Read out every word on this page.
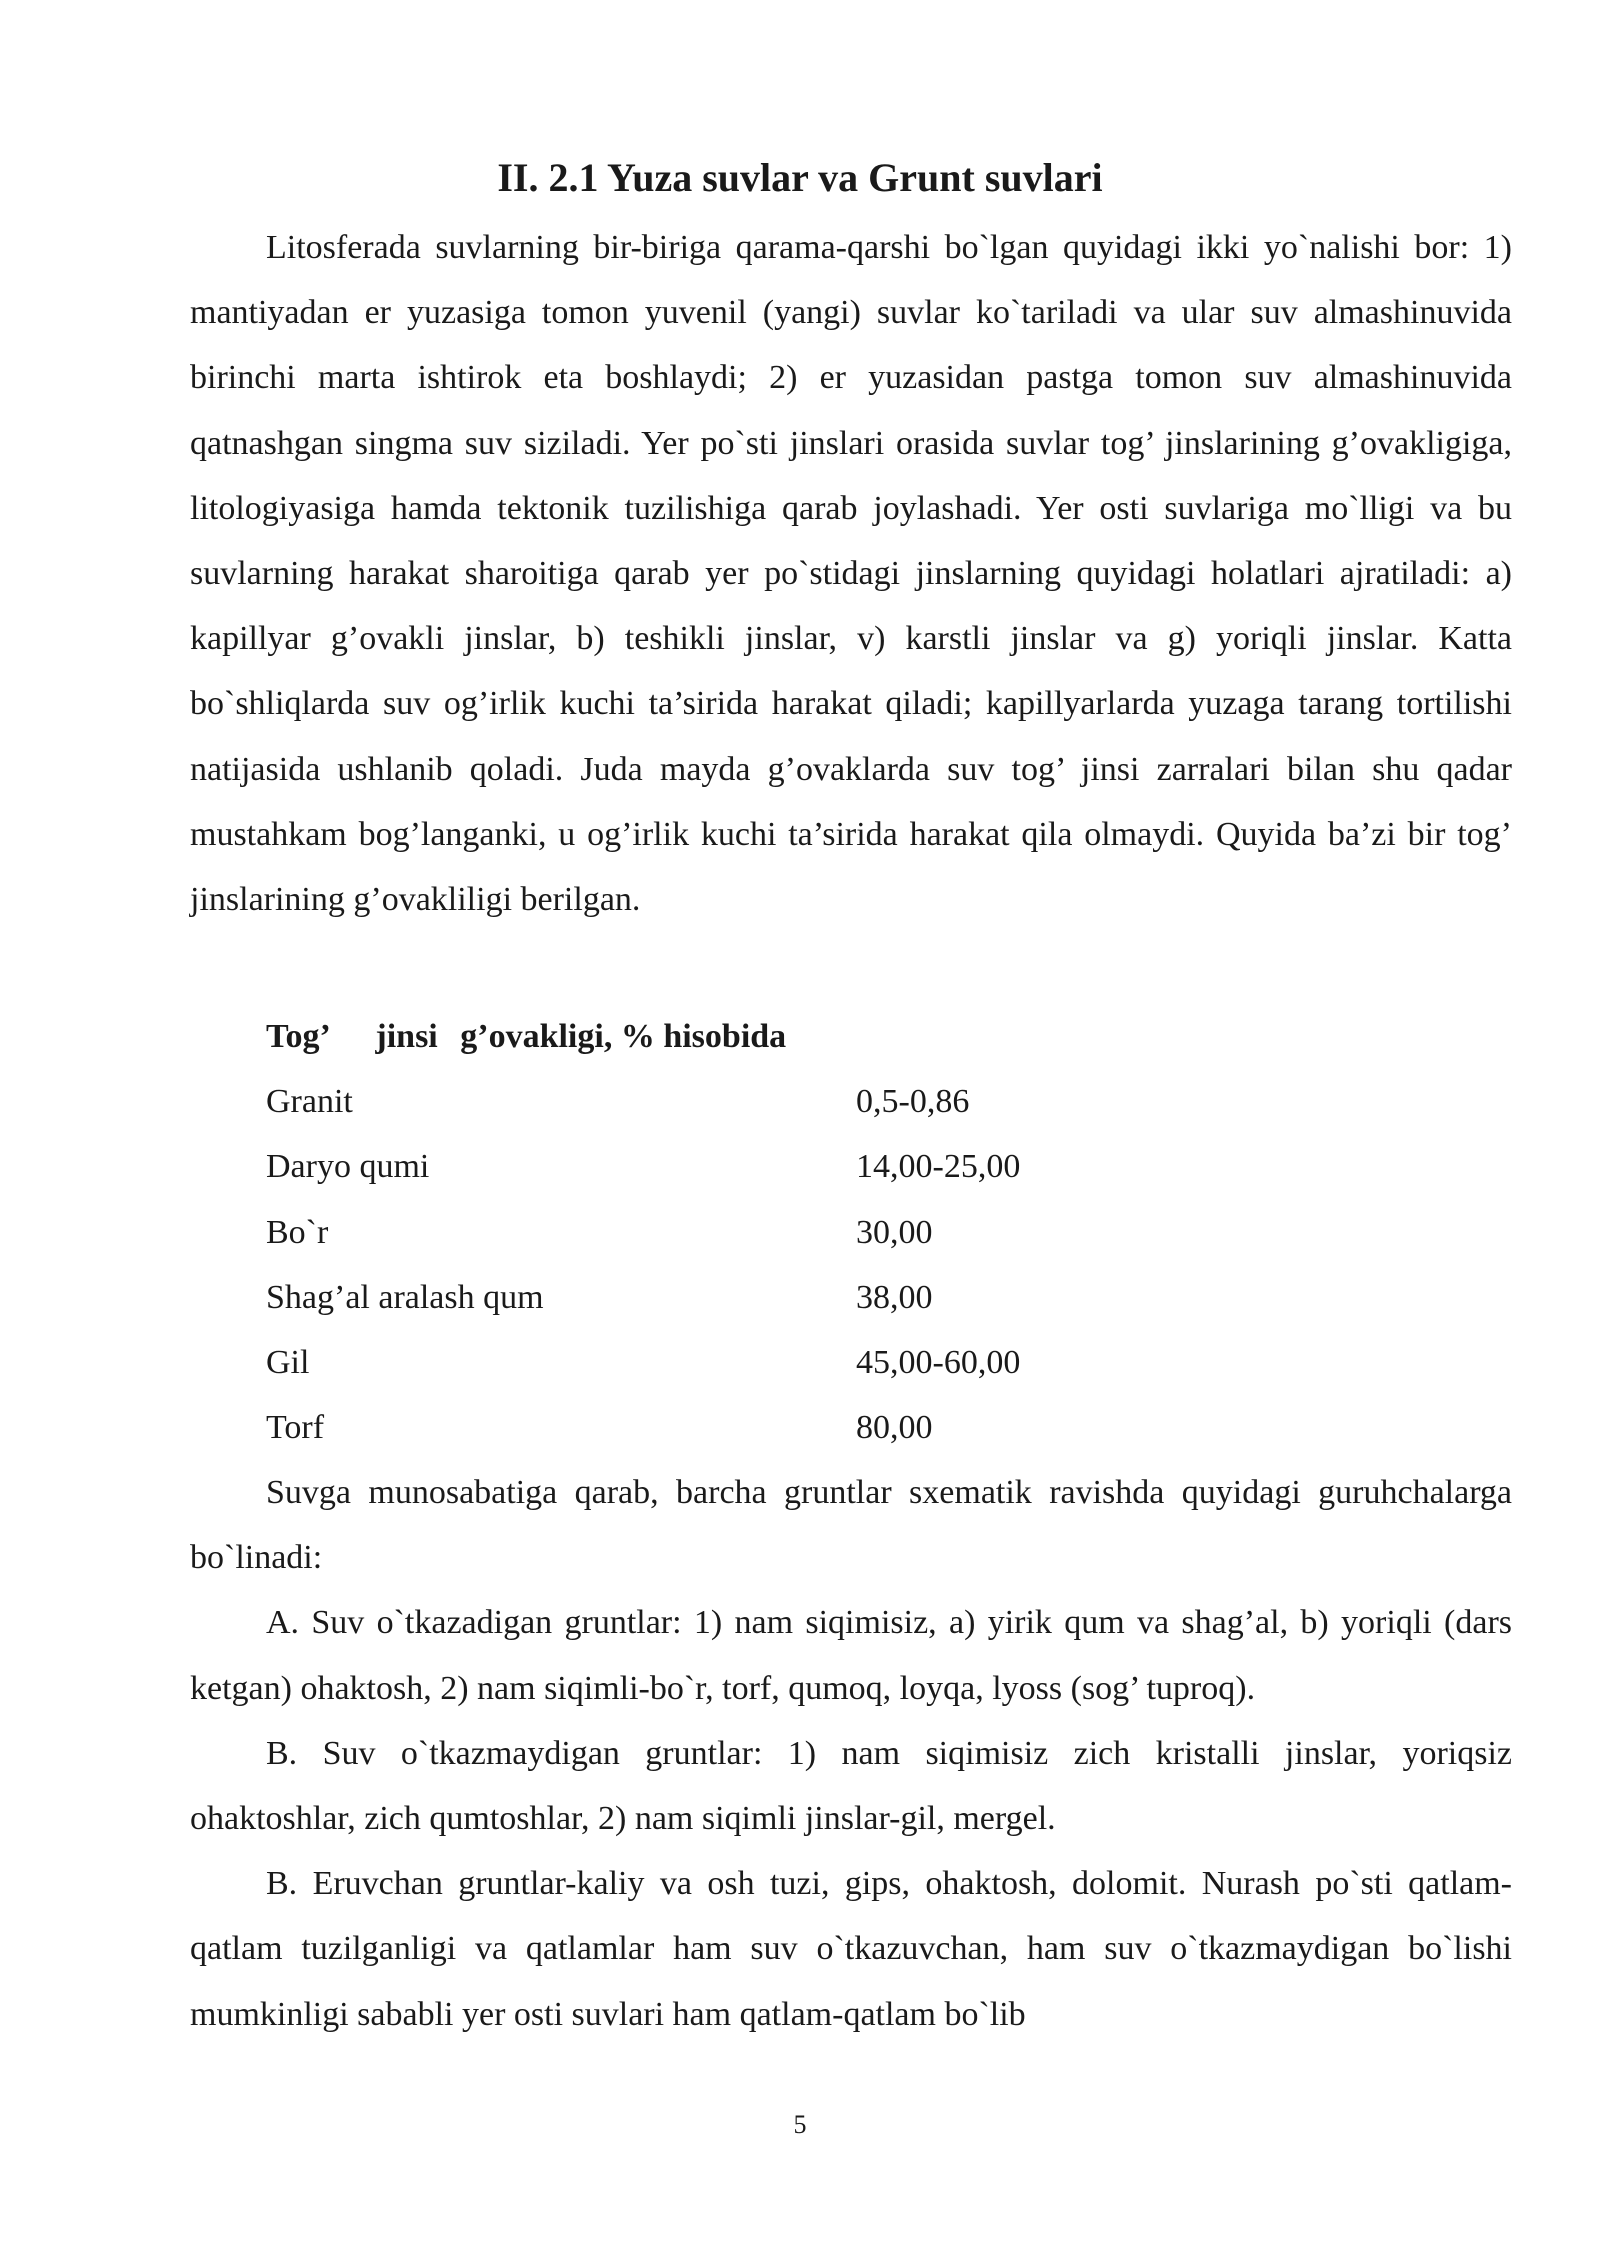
II. 2.1 Yuza suvlar va Grunt suvlari

Litosferada suvlarning bir-biriga qarama-qarshi bo`lgan quyidagi ikki yo`nalishi bor: 1) mantiyadan er yuzasiga tomon yuvenil (yangi) suvlar ko`tariladi va ular suv almashinuvida birinchi marta ishtirok eta boshlaydi; 2) er yuzasidan pastga tomon suv almashinuvida qatnashgan singma suv siziladi. Yer po`sti jinslari orasida suvlar tog’ jinslarining g’ovakligiga, litologiyasiga hamda tektonik tuzilishiga qarab joylashadi. Yer osti suvlariga mo`lligi va bu suvlarning harakat sharoitiga qarab yer po`stidagi jinslarning quyidagi holatlari ajratiladi: a) kapillyar g’ovakli jinslar, b) teshikli jinslar, v) karstli jinslar va g) yoriqli jinslar. Katta bo`shliqlarda suv og’irlik kuchi ta’sirida harakat qiladi; kapillyarlarda yuzaga tarang tortilishi natijasida ushlanib qoladi. Juda mayda g’ovaklarda suv tog’ jinsi zarralari bilan shu qadar mustahkam bog’langanki, u og’irlik kuchi ta’sirida harakat qila olmaydi. Quyida ba’zi bir tog’ jinslarining g’ovakliligi berilgan.

Tog’ jinsi g’ovakligi, % hisobida
Granit	0,5-0,86
Daryo qumi	14,00-25,00
Bo`r	30,00
Shag’al aralash qum	38,00
Gil	45,00-60,00
Torf	80,00

Suvga munosabatiga qarab, barcha gruntlar sxematik ravishda quyidagi guruhchalarga bo`linadi:

A. Suv o`tkazadigan gruntlar: 1) nam siqimisiz, a) yirik qum va shag’al, b) yoriqli (dars ketgan) ohaktosh, 2) nam siqimli-bo`r, torf, qumoq, loyqa, lyoss (sog’ tuproq).

B. Suv o`tkazmaydigan gruntlar: 1) nam siqimisiz zich kristalli jinslar, yoriqsiz ohaktoshlar, zich qumtoshlar, 2) nam siqimli jinslar-gil, mergel.

B. Eruvchan gruntlar-kaliy va osh tuzi, gips, ohaktosh, dolomit. Nurash po`sti qatlam-qatlam tuzilganligi va qatlamlar ham suv o`tkazuvchan, ham suv o`tkazmaydigan bo`lishi mumkinligi sababli yer osti suvlari ham qatlam-qatlam bo`lib

5
